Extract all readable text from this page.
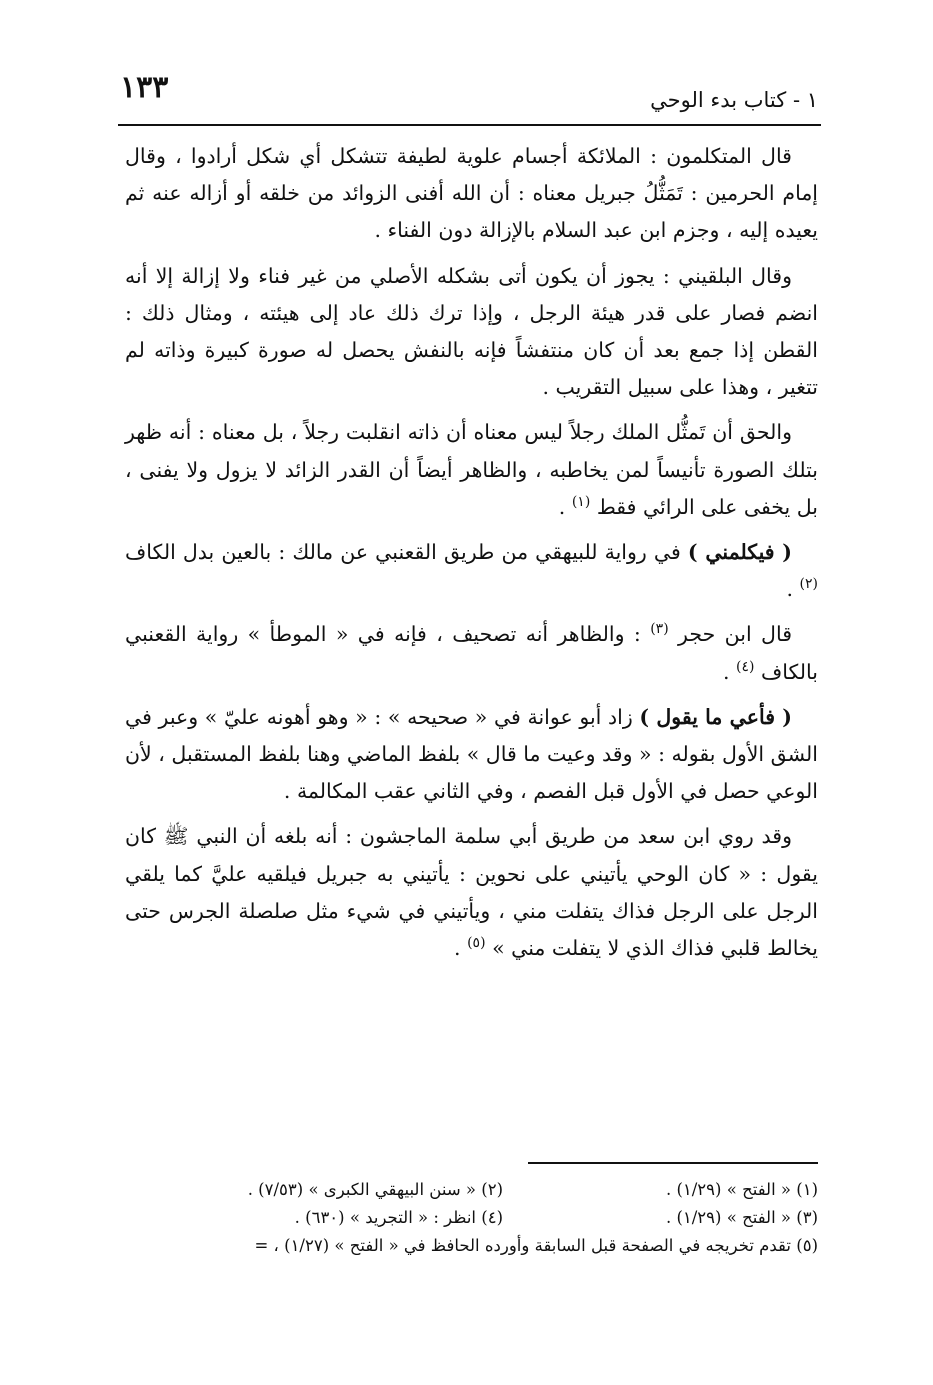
١ - كتاب بدء الوحي
١٣٣

قال المتكلمون : الملائكة أجسام علوية لطيفة تتشكل أي شكل أرادوا ، وقال إمام الحرمين : تَمَثُّلُ جبريل معناه : أن الله أفنى الزوائد من خلقه أو أزاله عنه ثم يعيده إليه ، وجزم ابن عبد السلام بالإزالة دون الفناء .

وقال البلقيني : يجوز أن يكون أتى بشكله الأصلي من غير فناء ولا إزالة إلا أنه انضم فصار على قدر هيئة الرجل ، وإذا ترك ذلك عاد إلى هيئته ، ومثال ذلك : القطن إذا جمع بعد أن كان منتفشاً فإنه بالنفش يحصل له صورة كبيرة وذاته لم تتغير ، وهذا على سبيل التقريب .

والحق أن تَمثُّل الملك رجلاً ليس معناه أن ذاته انقلبت رجلاً ، بل معناه : أنه ظهر بتلك الصورة تأنيساً لمن يخاطبه ، والظاهر أيضاً أن القدر الزائد لا يزول ولا يفنى ، بل يخفى على الرائي فقط $^{(١)}$ .

( فيكلمني ) في رواية للبيهقي من طريق القعنبي عن مالك : بالعين بدل الكاف $^{(٢)}$ .

قال ابن حجر $^{(٣)}$ : والظاهر أنه تصحيف ، فإنه في « الموطأ » رواية القعنبي بالكاف $^{(٤)}$ .

( فأعي ما يقول ) زاد أبو عوانة في « صحيحه » : « وهو أهونه عليّ » وعبر في الشق الأول بقوله : « وقد وعيت ما قال » بلفظ الماضي وهنا بلفظ المستقبل ، لأن الوعي حصل في الأول قبل الفصم ، وفي الثاني عقب المكالمة .

وقد روي ابن سعد من طريق أبي سلمة الماجشون : أنه بلغه أن النبي ﷺ كان يقول : « كان الوحي يأتيني على نحوين : يأتيني به جبريل فيلقيه عليَّ كما يلقي الرجل على الرجل فذاك يتفلت مني ، ويأتيني في شيء مثل صلصلة الجرس حتى يخالط قلبي فذاك الذي لا يتفلت مني » $^{(٥)}$ .

(١) « الفتح » (١/٢٩) .
(٢) « سنن البيهقي الكبرى » (٧/٥٣) .
(٣) « الفتح » (١/٢٩) .
(٤) انظر : « التجريد » (٦٣٠) .
(٥) تقدم تخريجه في الصفحة قبل السابقة وأورده الحافظ في « الفتح » (١/٢٧) ، =
